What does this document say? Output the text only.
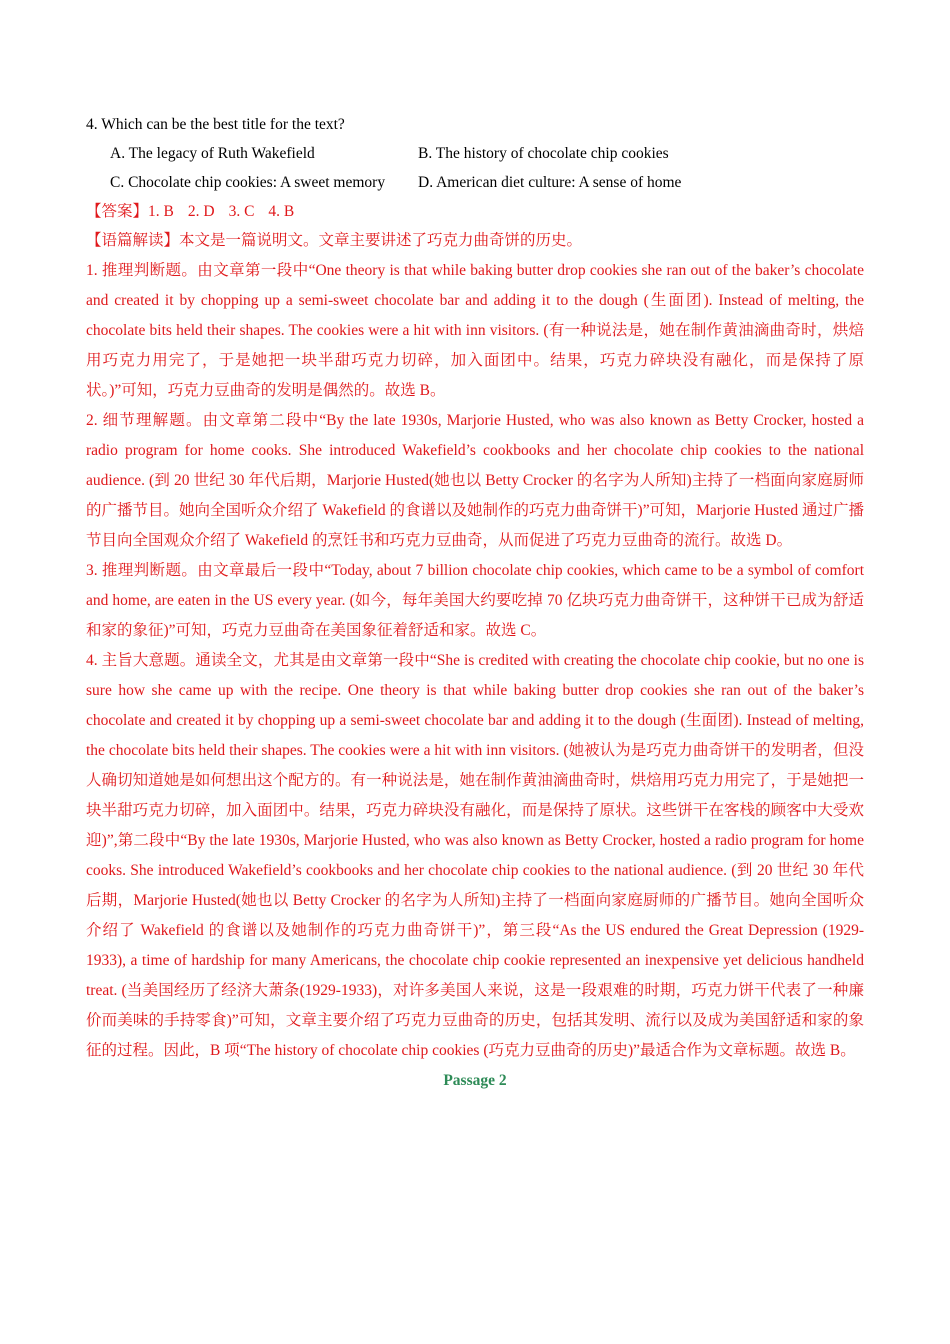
4. Which can be the best title for the text?

A. The legacy of Ruth Wakefield	B. The history of chocolate chip cookies
C. Chocolate chip cookies: A sweet memory	D. American diet culture: A sense of home

【答案】1. B 2. D 3. C 4. B

【语篇解读】本文是一篇说明文。文章主要讲述了巧克力曲奇饼的历史。

1. 推理判断题。由文章第一段中“One theory is that while baking butter drop cookies she ran out of the baker’s chocolate and created it by chopping up a semi-sweet chocolate bar and adding it to the dough (生面团). Instead of melting, the chocolate bits held their shapes. The cookies were a hit with inn visitors. (有一种说法是，她在制作黄油滴曲奇时，烘焙用巧克力用完了，于是她把一块半甜巧克力切碎，加入面团中。结果，巧克力碎块没有融化，而是保持了原状。)”可知，巧克力豆曲奇的发明是偶然的。故选 B。

2. 细节理解题。由文章第二段中“By the late 1930s, Marjorie Husted, who was also known as Betty Crocker, hosted a radio program for home cooks. She introduced Wakefield’s cookbooks and her chocolate chip cookies to the national audience. (到 20 世纪 30 年代后期，Marjorie Husted(她也以 Betty Crocker 的名字为人所知)主持了一档面向家庭厨师的广播节目。她向全国听众介绍了 Wakefield 的食谱以及她制作的巧克力曲奇饼干)”可知，Marjorie Husted 通过广播节目向全国观众介绍了 Wakefield 的烹饪书和巧克力豆曲奇，从而促进了巧克力豆曲奇的流行。故选 D。

3. 推理判断题。由文章最后一段中“Today, about 7 billion chocolate chip cookies, which came to be a symbol of comfort and home, are eaten in the US every year. (如今，每年美国大约要吃掉 70 亿块巧克力曲奇饼干，这种饼干已成为舒适和家的象征)”可知，巧克力豆曲奇在美国象征着舒适和家。故选 C。

4. 主旨大意题。通读全文，尤其是由文章第一段中“She is credited with creating the chocolate chip cookie, but no one is sure how she came up with the recipe. One theory is that while baking butter drop cookies she ran out of the baker’s chocolate and created it by chopping up a semi-sweet chocolate bar and adding it to the dough (生面团). Instead of melting, the chocolate bits held their shapes. The cookies were a hit with inn visitors. (她被认为是巧克力曲奇饼干的发明者，但没人确切知道她是如何想出这个配方的。有一种说法是，她在制作黄油滴曲奇时，烘焙用巧克力用完了，于是她把一块半甜巧克力切碎，加入面团中。结果，巧克力碎块没有融化，而是保持了原状。这些饼干在客栈的顾客中大受欢迎)”,第二段中“By the late 1930s, Marjorie Husted, who was also known as Betty Crocker, hosted a radio program for home cooks. She introduced Wakefield’s cookbooks and her chocolate chip cookies to the national audience. (到 20 世纪 30 年代后期，Marjorie Husted(她也以 Betty Crocker 的名字为人所知)主持了一档面向家庭厨师的广播节目。她向全国听众介绍了 Wakefield 的食谱以及她制作的巧克力曲奇饼干)”，第三段“As the US endured the Great Depression (1929-1933), a time of hardship for many Americans, the chocolate chip cookie represented an inexpensive yet delicious handheld treat. (当美国经历了经济大萧条(1929-1933)，对许多美国人来说，这是一段艰难的时期，巧克力饼干代表了一种廉价而美味的手持零食)”可知，文章主要介绍了巧克力豆曲奇的历史，包括其发明、流行以及成为美国舒适和家的象征的过程。因此，B 项“The history of chocolate chip cookies (巧克力豆曲奇的历史)”最适合作为文章标题。故选 B。

Passage 2
